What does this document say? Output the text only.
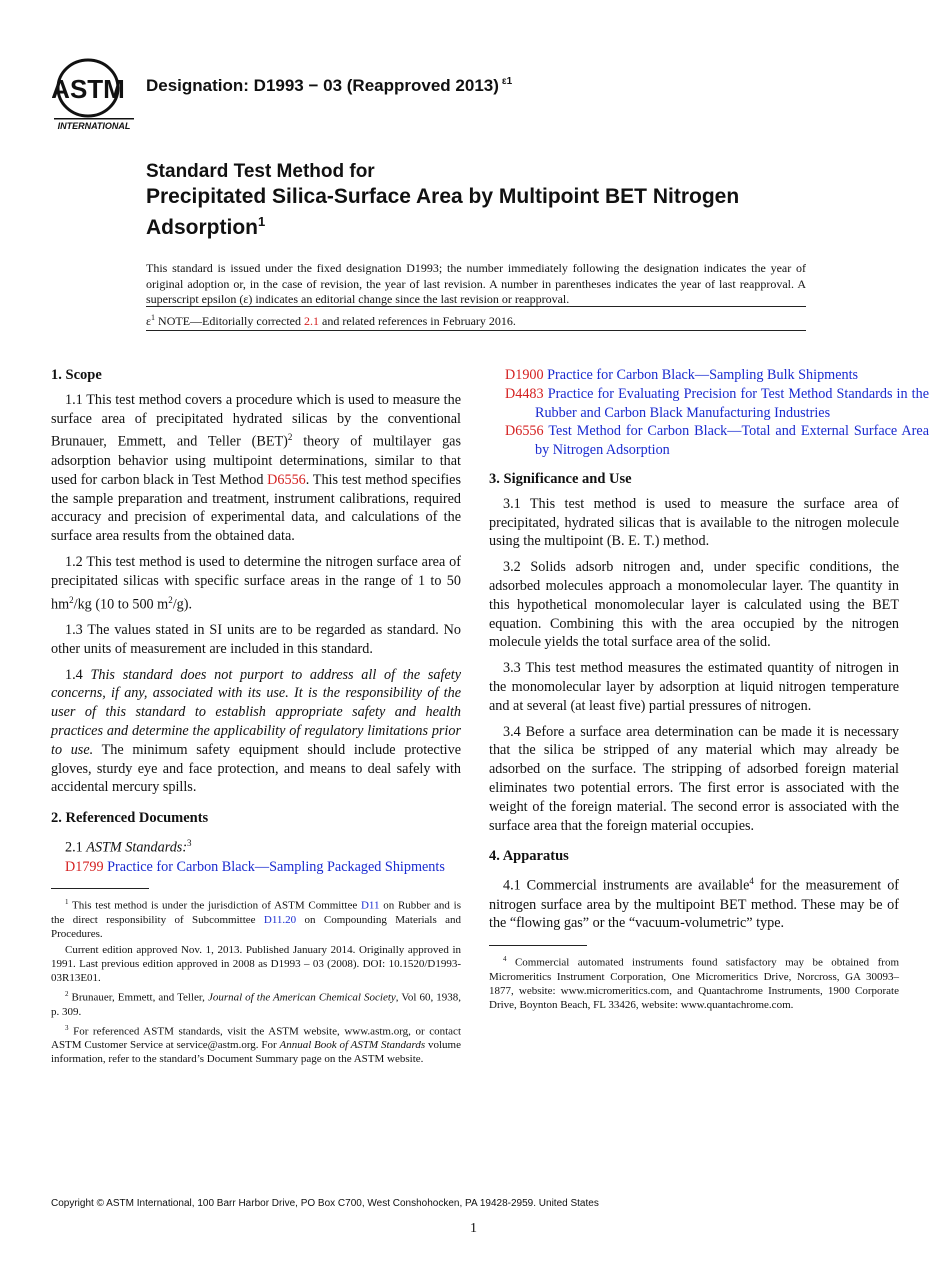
ASTM
INTERNATIONAL
Designation: D1993 − 03 (Reapproved 2013) $^{\varepsilon 1}$
Standard Test Method for
Precipitated Silica-Surface Area by Multipoint BET Nitrogen
Adsorption$^1$
This standard is issued under the fixed designation D1993; the number immediately following the designation indicates the year of original adoption or, in the case of revision, the year of last revision. A number in parentheses indicates the year of last reapproval. A superscript epsilon (ε) indicates an editorial change since the last revision or reapproval.
$\varepsilon^1$ NOTE—Editorially corrected 2.1 and related references in February 2016.
1. Scope

1.1 This test method covers a procedure which is used to measure the surface area of precipitated hydrated silicas by the conventional Brunauer, Emmett, and Teller (BET)$^2$ theory of multilayer gas adsorption behavior using multipoint determinations, similar to that used for carbon black in Test Method D6556. This test method specifies the sample preparation and treatment, instrument calibrations, required accuracy and precision of experimental data, and calculations of the surface area results from the obtained data.

1.2 This test method is used to determine the nitrogen surface area of precipitated silicas with specific surface areas in the range of 1 to 50 $hm^2/kg$ (10 to 500 $m^2/g$).

1.3 The values stated in SI units are to be regarded as standard. No other units of measurement are included in this standard.

1.4 This standard does not purport to address all of the safety concerns, if any, associated with its use. It is the responsibility of the user of this standard to establish appropriate safety and health practices and determine the applicability of regulatory limitations prior to use. The minimum safety equipment should include protective gloves, sturdy eye and face protection, and means to deal safely with accidental mercury spills.

2. Referenced Documents

2.1 ASTM Standards:$^3$

D1799 Practice for Carbon Black—Sampling Packaged Shipments
$^1$ This test method is under the jurisdiction of ASTM Committee D11 on Rubber and is the direct responsibility of Subcommittee D11.20 on Compounding Materials and Procedures.
Current edition approved Nov. 1, 2013. Published January 2014. Originally approved in 1991. Last previous edition approved in 2008 as D1993 – 03 (2008). DOI: 10.1520/D1993-03R13E01.
$^2$ Brunauer, Emmett, and Teller, Journal of the American Chemical Society, Vol 60, 1938, p. 309.
$^3$ For referenced ASTM standards, visit the ASTM website, www.astm.org, or contact ASTM Customer Service at service@astm.org. For Annual Book of ASTM Standards volume information, refer to the standard’s Document Summary page on the ASTM website.
D1900 Practice for Carbon Black—Sampling Bulk Shipments
D4483 Practice for Evaluating Precision for Test Method Standards in the Rubber and Carbon Black Manufacturing Industries
D6556 Test Method for Carbon Black—Total and External Surface Area by Nitrogen Adsorption
3. Significance and Use

3.1 This test method is used to measure the surface area of precipitated, hydrated silicas that is available to the nitrogen molecule using the multipoint (B. E. T.) method.

3.2 Solids adsorb nitrogen and, under specific conditions, the adsorbed molecules approach a monomolecular layer. The quantity in this hypothetical monomolecular layer is calculated using the BET equation. Combining this with the area occupied by the nitrogen molecule yields the total surface area of the solid.

3.3 This test method measures the estimated quantity of nitrogen in the monomolecular layer by adsorption at liquid nitrogen temperature and at several (at least five) partial pressures of nitrogen.

3.4 Before a surface area determination can be made it is necessary that the silica be stripped of any material which may already be adsorbed on the surface. The stripping of adsorbed foreign material eliminates two potential errors. The first error is associated with the weight of the foreign material. The second error is associated with the surface area that the foreign material occupies.

4. Apparatus

4.1 Commercial instruments are available$^4$ for the measurement of nitrogen surface area by the multipoint BET method. These may be of the “flowing gas” or the “vacuum-volumetric” type.

$^4$ Commercial automated instruments found satisfactory may be obtained from Micromeritics Instrument Corporation, One Micromeritics Drive, Norcross, GA 30093–1877, website: www.micromeritics.com, and Quantachrome Instruments, 1900 Corporate Drive, Boynton Beach, FL 33426, website: www.quantachrome.com.
Copyright © ASTM International, 100 Barr Harbor Drive, PO Box C700, West Conshohocken, PA 19428-2959. United States
1
